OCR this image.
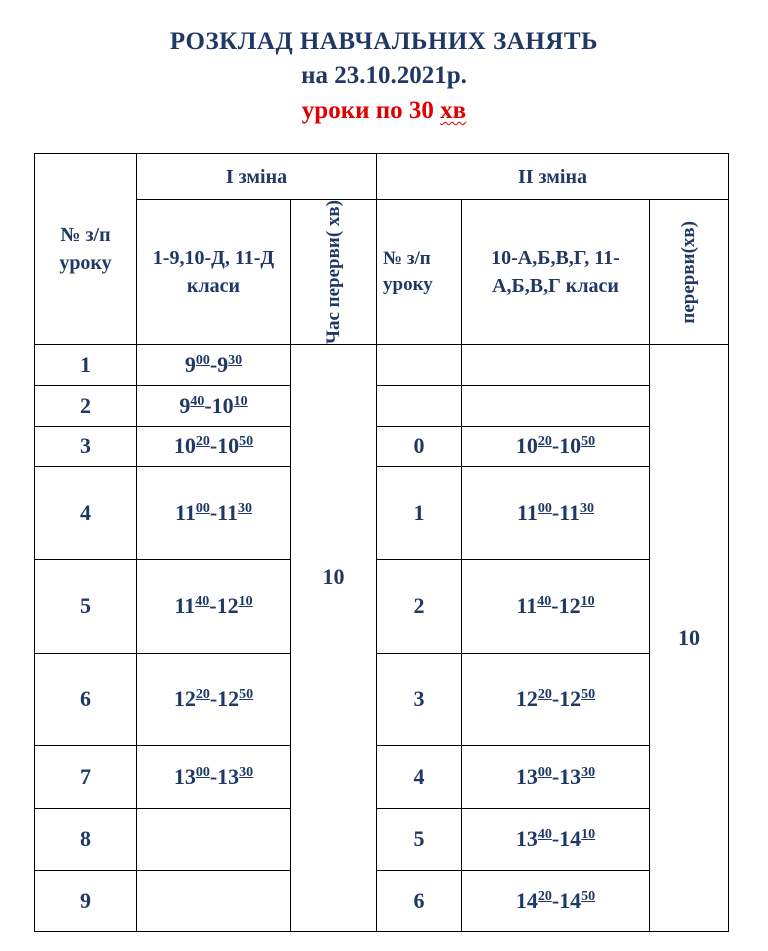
РОЗКЛАД НАВЧАЛЬНИХ ЗАНЯТЬ
на 23.10.2021р.
уроки по 30 хв
№ з/п уроку	І зміна		ІІ зміна		
	1-9,10-Д, 11-Д класи	Час перерви( хв)	№ з/п уроку	10-А,Б,В,Г, 11-А,Б,В,Г класи	перерви(хв)

1	$9^{00}-9^{30}$	10			10
2	$9^{40}-10^{10}$		
3	$10^{20}-10^{50}$		0	$10^{20}-10^{50}$
4	$11^{00}-11^{30}$		1	$11^{00}-11^{30}$
5	$11^{40}-12^{10}$		2	$11^{40}-12^{10}$
6	$12^{20}-12^{50}$		3	$12^{20}-12^{50}$
7	$13^{00}-13^{30}$		4	$13^{00}-13^{30}$
8			5	$13^{40}-14^{10}$
9			6	$14^{20}-14^{50}$
